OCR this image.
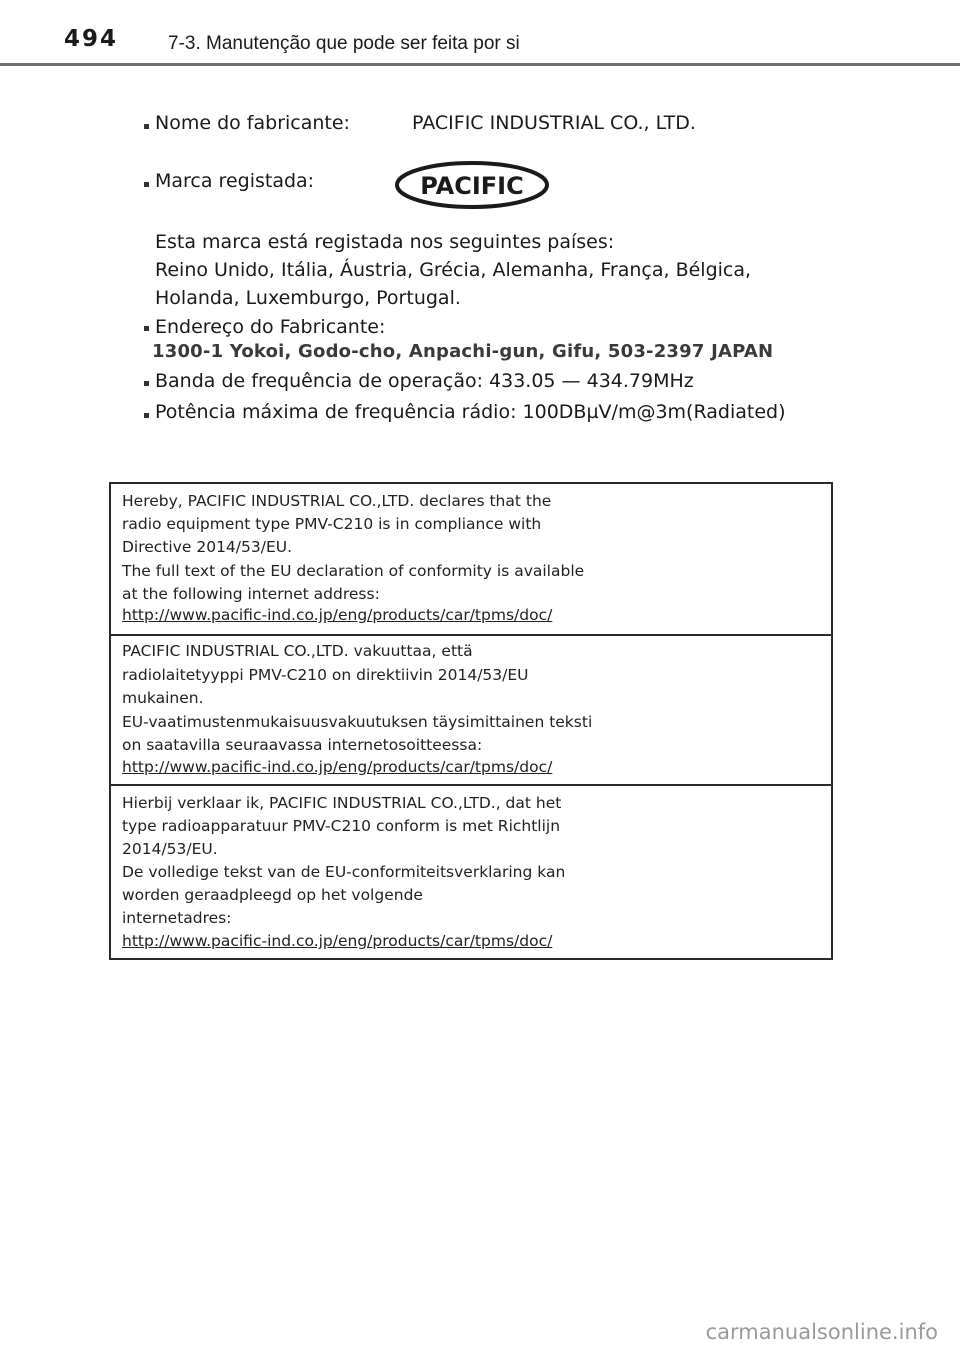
494	7-3. Manutenção que pode ser feita por si
Nome do fabricante:	PACIFIC INDUSTRIAL CO., LTD.
Marca registada:	PACIFIC
Esta marca está registada nos seguintes países:
Reino Unido, Itália, Áustria, Grécia, Alemanha, França, Bélgica,
Holanda, Luxemburgo, Portugal.
Endereço do Fabricante:
1300-1 Yokoi, Godo-cho, Anpachi-gun, Gifu, 503-2397 JAPAN
Banda de frequência de operação: 433.05 — 434.79MHz
Potência máxima de frequência rádio: 100DBµV/m@3m(Radiated)
Hereby, PACIFIC INDUSTRIAL CO.,LTD. declares that the
radio equipment type PMV-C210 is in compliance with
Directive 2014/53/EU.
The full text of the EU declaration of conformity is available
at the following internet address:
http://www.pacific-ind.co.jp/eng/products/car/tpms/doc/
PACIFIC INDUSTRIAL CO.,LTD. vakuuttaa, että
radiolaitetyyppi PMV-C210 on direktiivin 2014/53/EU
mukainen.
EU-vaatimustenmukaisuusvakuutuksen täysimittainen teksti
on saatavilla seuraavassa internetosoitteessa:
http://www.pacific-ind.co.jp/eng/products/car/tpms/doc/
Hierbij verklaar ik, PACIFIC INDUSTRIAL CO.,LTD., dat het
type radioapparatuur PMV-C210 conform is met Richtlijn
2014/53/EU.
De volledige tekst van de EU-conformiteitsverklaring kan
worden geraadpleegd op het volgende
internetadres:
http://www.pacific-ind.co.jp/eng/products/car/tpms/doc/
carmanualsonline.info
